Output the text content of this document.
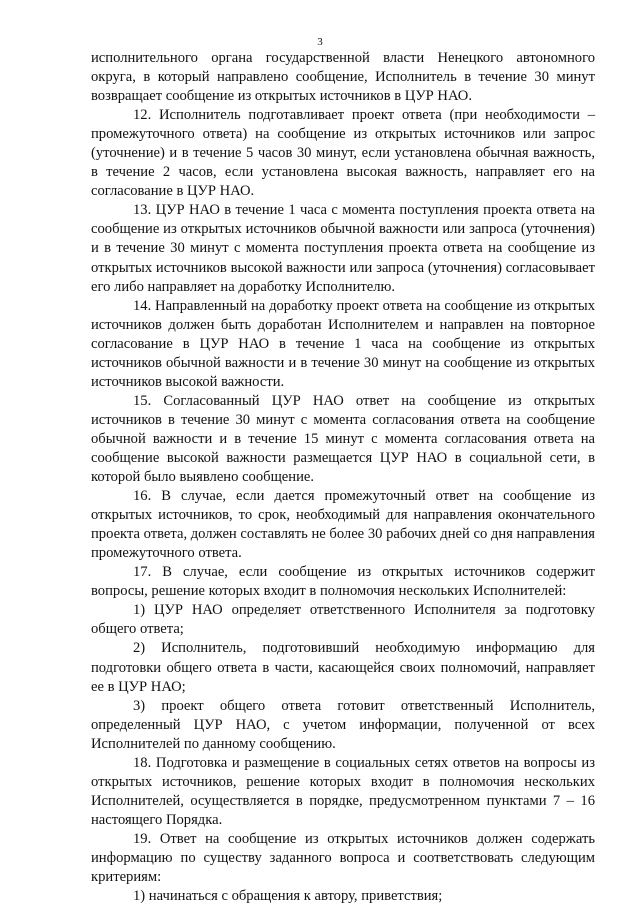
3

исполнительного органа государственной власти Ненецкого автономного округа, в который направлено сообщение, Исполнитель в течение 30 минут возвращает сообщение из открытых источников в ЦУР НАО.

12. Исполнитель подготавливает проект ответа (при необходимости – промежуточного ответа) на сообщение из открытых источников или запрос (уточнение) и в течение 5 часов 30 минут, если установлена обычная важность, в течение 2 часов, если установлена высокая важность, направляет его на согласование в ЦУР НАО.

13. ЦУР НАО в течение 1 часа с момента поступления проекта ответа на сообщение из открытых источников обычной важности или запроса (уточнения) и в течение 30 минут с момента поступления проекта ответа на сообщение из открытых источников высокой важности или запроса (уточнения) согласовывает его либо направляет на доработку Исполнителю.

14. Направленный на доработку проект ответа на сообщение из открытых источников должен быть доработан Исполнителем и направлен на повторное согласование в ЦУР НАО в течение 1 часа на сообщение из открытых источников обычной важности и в течение 30 минут на сообщение из открытых источников высокой важности.

15. Согласованный ЦУР НАО ответ на сообщение из открытых источников в течение 30 минут с момента согласования ответа на сообщение обычной важности и в течение 15 минут с момента согласования ответа на сообщение высокой важности размещается ЦУР НАО в социальной сети, в которой было выявлено сообщение.

16. В случае, если дается промежуточный ответ на сообщение из открытых источников, то срок, необходимый для направления окончательного проекта ответа, должен составлять не более 30 рабочих дней со дня направления промежуточного ответа.

17. В случае, если сообщение из открытых источников содержит вопросы, решение которых входит в полномочия нескольких Исполнителей:

1) ЦУР НАО определяет ответственного Исполнителя за подготовку общего ответа;

2) Исполнитель, подготовивший необходимую информацию для подготовки общего ответа в части, касающейся своих полномочий, направляет ее в ЦУР НАО;

3) проект общего ответа готовит ответственный Исполнитель, определенный ЦУР НАО, с учетом информации, полученной от всех Исполнителей по данному сообщению.

18. Подготовка и размещение в социальных сетях ответов на вопросы из открытых источников, решение которых входит в полномочия нескольких Исполнителей, осуществляется в порядке, предусмотренном пунктами 7 – 16 настоящего Порядка.

19. Ответ на сообщение из открытых источников должен содержать информацию по существу заданного вопроса и соответствовать следующим критериям:

1) начинаться с обращения к автору, приветствия;
